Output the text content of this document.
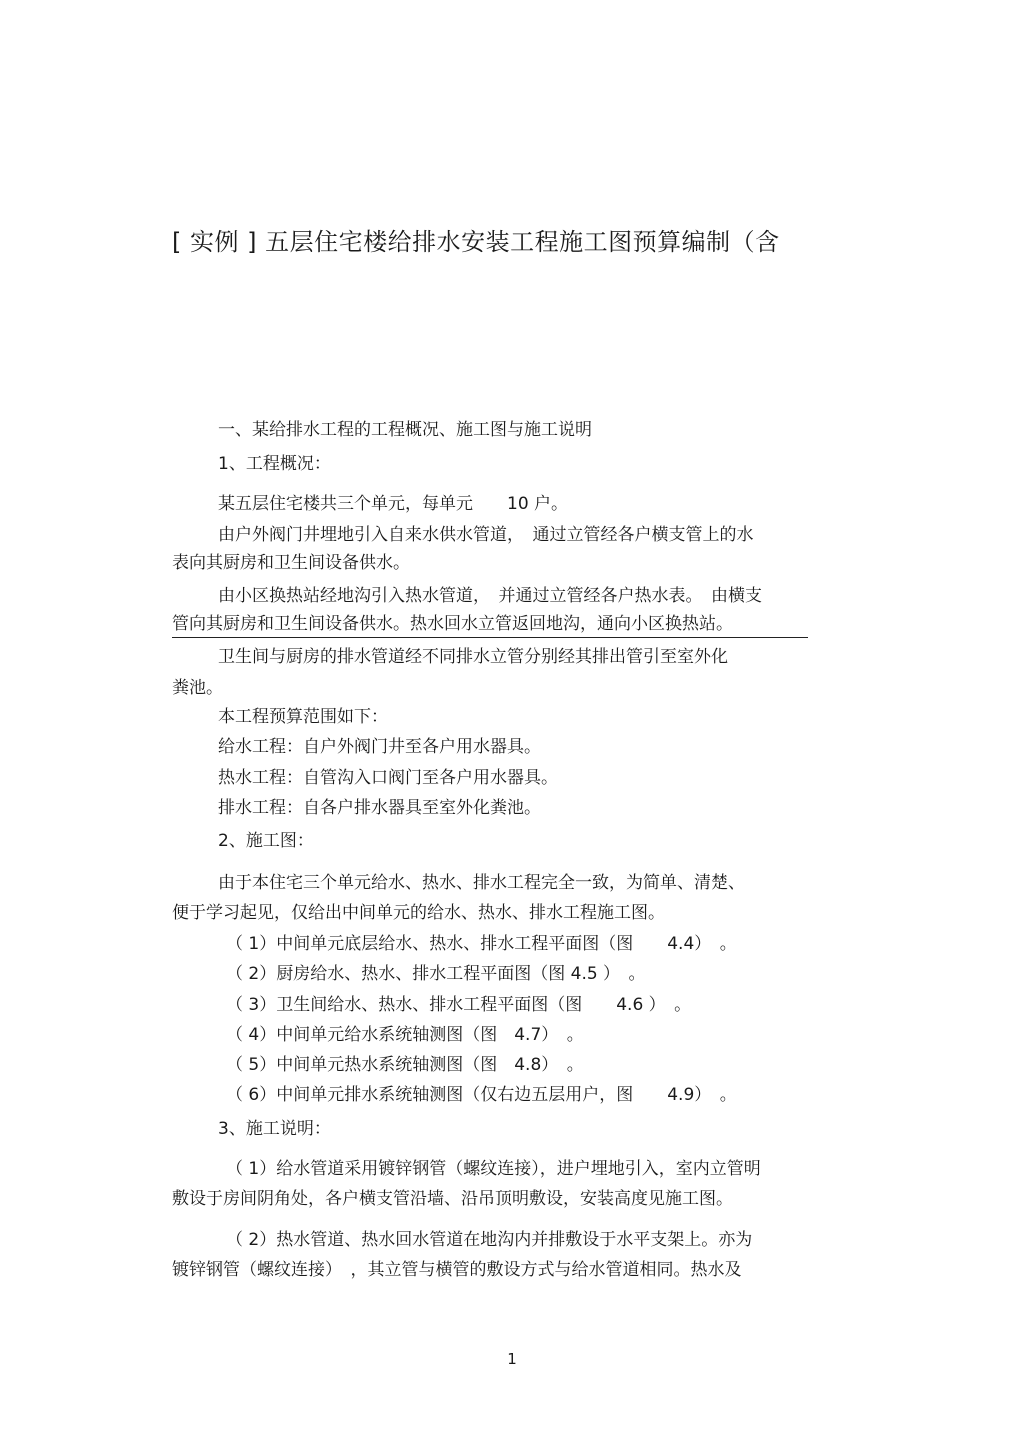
[ 实例 ] 五层住宅楼给排水安装工程施工图预算编制（含
一、某给排水工程的工程概况、施工图与施工说明
1、工程概况：
某五层住宅楼共三个单元，每单元　　10 户。
由户外阀门井埋地引入自来水供水管道，　通过立管经各户横支管上的水
表向其厨房和卫生间设备供水。
由小区换热站经地沟引入热水管道，　并通过立管经各户热水表。　由横支
管向其厨房和卫生间设备供水。热水回水立管返回地沟，通向小区换热站。
卫生间与厨房的排水管道经不同排水立管分别经其排出管引至室外化
粪池。
本工程预算范围如下：
给水工程：自户外阀门井至各户用水器具。
热水工程：自管沟入口阀门至各户用水器具。
排水工程：自各户排水器具至室外化粪池。
2、施工图：
由于本住宅三个单元给水、热水、排水工程完全一致，为简单、清楚、
便于学习起见，仅给出中间单元的给水、热水、排水工程施工图。
（ 1）中间单元底层给水、热水、排水工程平面图（图　　4.4）　。
（ 2）厨房给水、热水、排水工程平面图（图 4.5 ）　。
（ 3）卫生间给水、热水、排水工程平面图（图　　4.6 ）　。
（ 4）中间单元给水系统轴测图（图　4.7）　。
（ 5）中间单元热水系统轴测图（图　4.8）　。
（ 6）中间单元排水系统轴测图（仅右边五层用户，图　　4.9）　。
3、施工说明：
（ 1）给水管道采用镀锌钢管（螺纹连接），进户埋地引入，室内立管明
敷设于房间阴角处，各户横支管沿墙、沿吊顶明敷设，安装高度见施工图。
（ 2）热水管道、热水回水管道在地沟内并排敷设于水平支架上。亦为
镀锌钢管（螺纹连接）　，其立管与横管的敷设方式与给水管道相同。热水及
1
